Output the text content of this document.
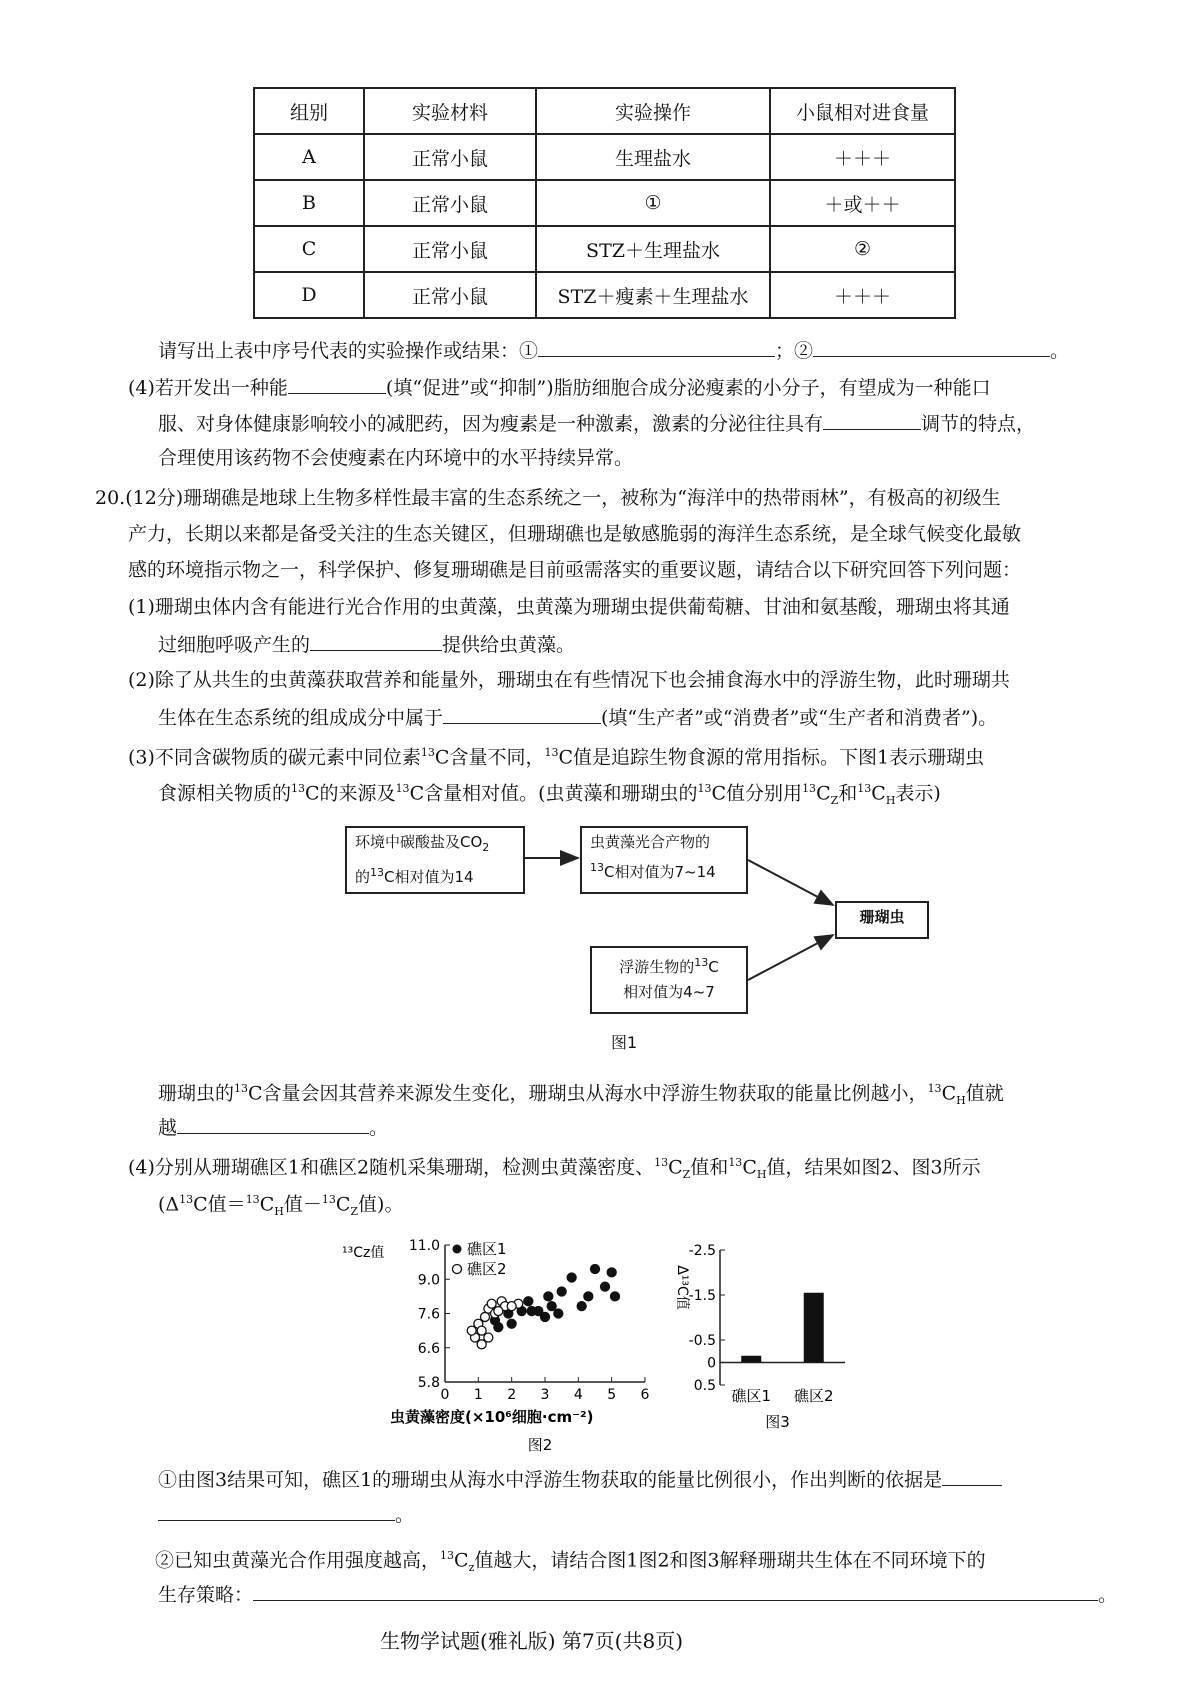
组别	实验材料	实验操作	小鼠相对进食量
A	正常小鼠	生理盐水	＋＋＋
B	正常小鼠	①	＋或＋＋
C	正常小鼠	STZ＋生理盐水	②
D	正常小鼠	STZ＋瘦素＋生理盐水	＋＋＋
请写出上表中序号代表的实验操作或结果：①	；②	。
(4)若开发出一种能	(填“促进”或“抑制”)脂肪细胞合成分泌瘦素的小分子，有望成为一种能口
服、对身体健康影响较小的减肥药，因为瘦素是一种激素，激素的分泌往往具有	调节的特点，
合理使用该药物不会使瘦素在内环境中的水平持续异常。
20.(12分)珊瑚礁是地球上生物多样性最丰富的生态系统之一，被称为“海洋中的热带雨林”，有极高的初级生
产力，长期以来都是备受关注的生态关键区，但珊瑚礁也是敏感脆弱的海洋生态系统，是全球气候变化最敏
感的环境指示物之一，科学保护、修复珊瑚礁是目前亟需落实的重要议题，请结合以下研究回答下列问题：
(1)珊瑚虫体内含有能进行光合作用的虫黄藻，虫黄藻为珊瑚虫提供葡萄糖、甘油和氨基酸，珊瑚虫将其通
过细胞呼吸产生的	提供给虫黄藻。
(2)除了从共生的虫黄藻获取营养和能量外，珊瑚虫在有些情况下也会捕食海水中的浮游生物，此时珊瑚共
生体在生态系统的组成成分中属于	(填“生产者”或“消费者”或“生产者和消费者”)。
(3)不同含碳物质的碳元素中同位素$^{13}$C含量不同，$^{13}$C值是追踪生物食源的常用指标。下图1表示珊瑚虫
食源相关物质的$^{13}$C的来源及$^{13}$C含量相对值。(虫黄藻和珊瑚虫的$^{13}$C值分别用$^{13}C_Z$和$^{13}C_H$表示)
环境中碳酸盐及$CO_2$
的$^{13}$C相对值为14
虫黄藻光合产物的
$^{13}$C相对值为7~14
珊瑚虫
浮游生物的$^{13}$C
相对值为4~7
图1
珊瑚虫的$^{13}$C含量会因其营养来源发生变化，珊瑚虫从海水中浮游生物获取的能量比例越小，$^{13}C_H$值就
越	。
(4)分别从珊瑚礁区1和礁区2随机采集珊瑚，检测虫黄藻密度、$^{13}C_Z$值和$^{13}C_H$值，结果如图2、图3所示
($\Delta^{13}C$值$=^{13}C_H$值$-^{13}C_Z$值)。
5.8
6.6
7.6
9.0
11.0
0 1 2 3 4 5 6
¹³Cz值
虫黄藻密度(×10⁶细胞·cm⁻²)
图2
礁区1
礁区2
-2.5
-1.5
-0.5
0
0.5
Δ¹³C值
礁区1 礁区2
图3
①由图3结果可知，礁区1的珊瑚虫从海水中浮游生物获取的能量比例很小，作出判断的依据是
。
②已知虫黄藻光合作用强度越高，$^{13}C_z$值越大，请结合图1图2和图3解释珊瑚共生体在不同环境下的
生存策略：	。
生物学试题(雅礼版) 第7页(共8页)
